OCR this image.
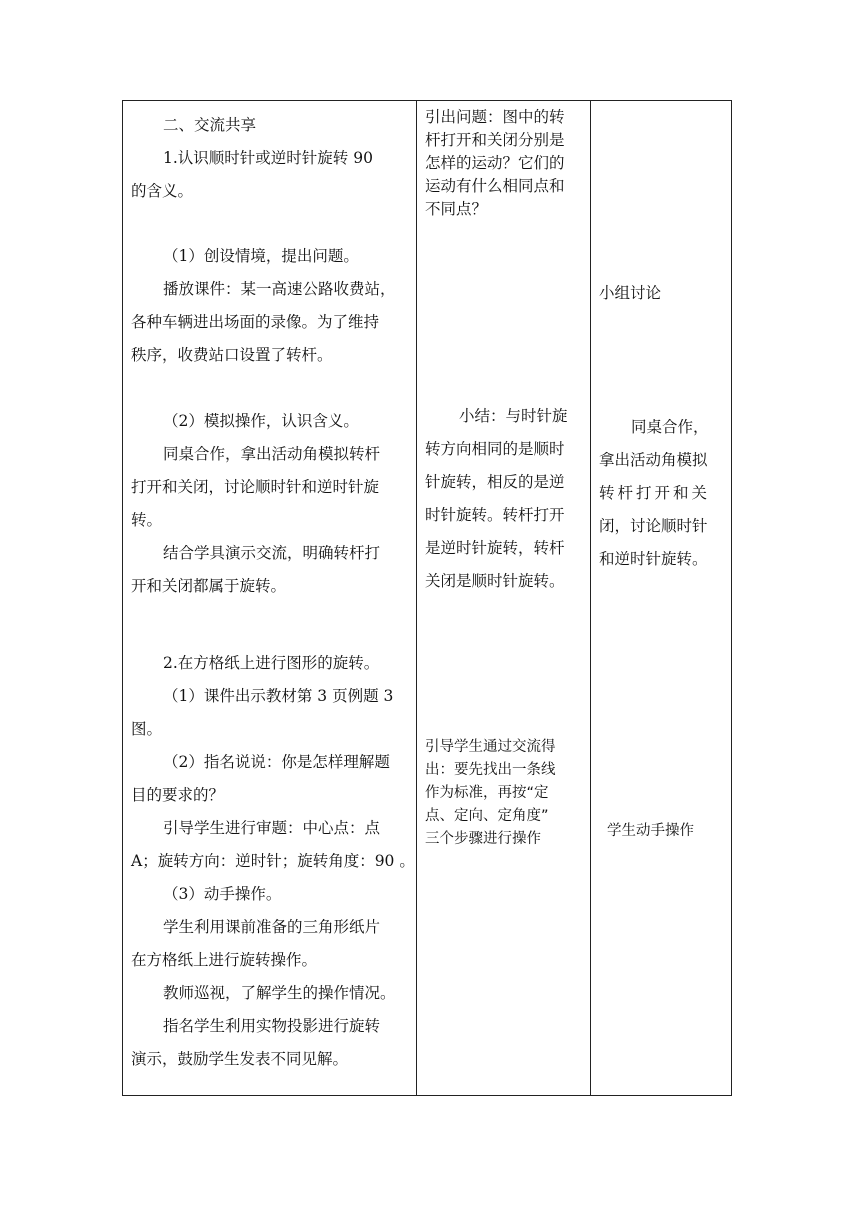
二、交流共享
1.认识顺时针或逆时针旋转 90
的含义。
（1）创设情境，提出问题。
播放课件：某一高速公路收费站，
各种车辆进出场面的录像。为了维持
秩序，收费站口设置了转杆。
（2）模拟操作，认识含义。
同桌合作，拿出活动角模拟转杆
打开和关闭，讨论顺时针和逆时针旋
转。
结合学具演示交流，明确转杆打
开和关闭都属于旋转。
2.在方格纸上进行图形的旋转。
（1）课件出示教材第 3 页例题 3
图。
（2）指名说说：你是怎样理解题
目的要求的？
引导学生进行审题：中心点：点
A；旋转方向：逆时针；旋转角度：90 。
（3）动手操作。
学生利用课前准备的三角形纸片
在方格纸上进行旋转操作。
教师巡视，了解学生的操作情况。
指名学生利用实物投影进行旋转
演示，鼓励学生发表不同见解。
引出问题：图中的转
杆打开和关闭分别是
怎样的运动？它们的
运动有什么相同点和
不同点？
小结：与时针旋
转方向相同的是顺时
针旋转，相反的是逆
时针旋转。转杆打开
是逆时针旋转，转杆
关闭是顺时针旋转。
引导学生通过交流得
出：要先找出一条线
作为标准，再按“定
点、定向、定角度”
三个步骤进行操作
小组讨论
同桌合作，
拿出活动角模拟
转杆打开和关
闭，讨论顺时针
和逆时针旋转。
学生动手操作
